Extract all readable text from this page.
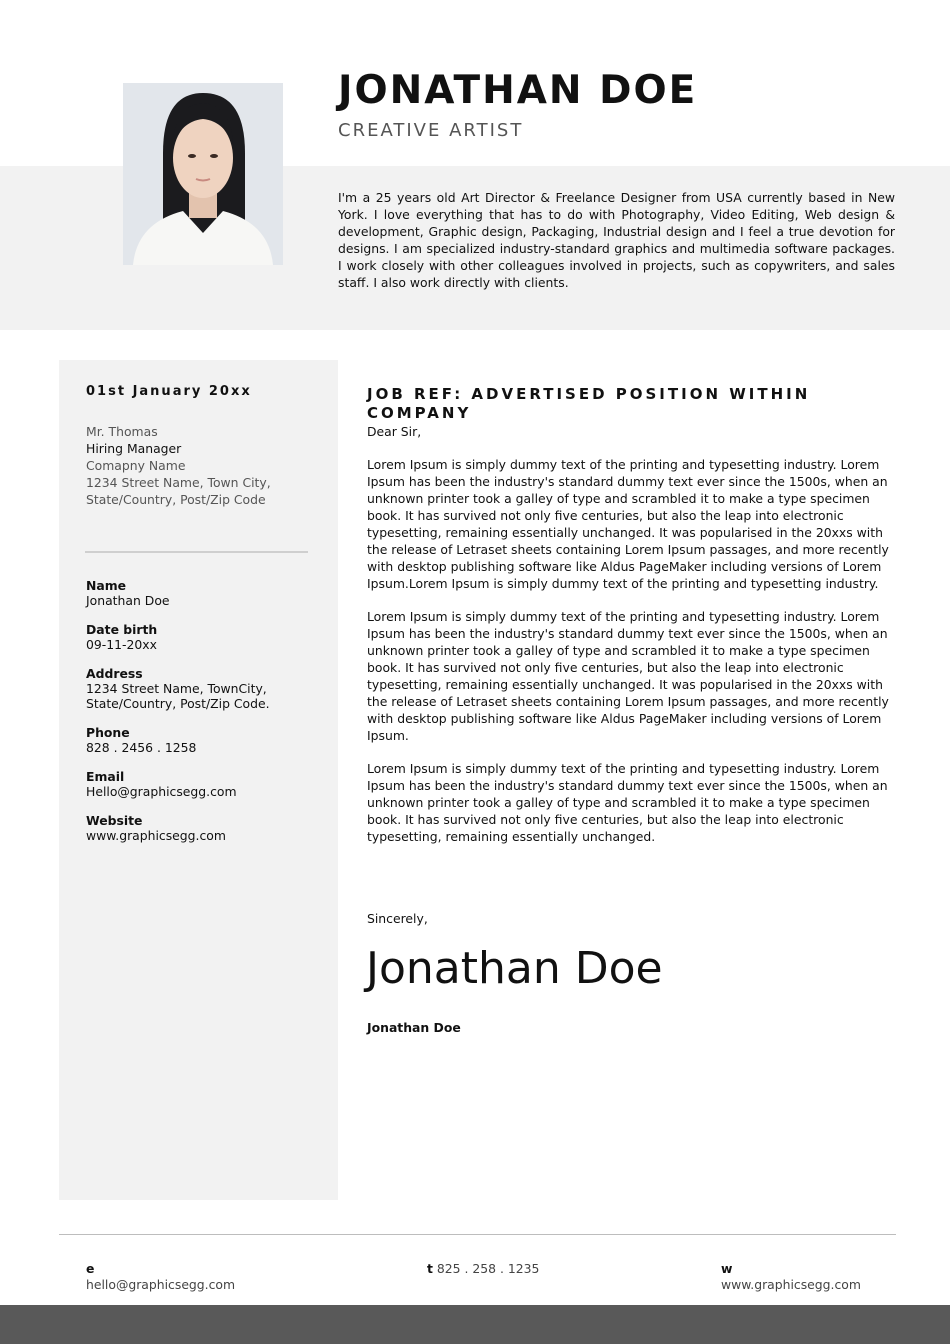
JONATHAN DOE
CREATIVE ARTIST

I'm a 25 years old Art Director & Freelance Designer from USA currently based in New York. I love everything that has to do with Photography, Video Editing, Web design & development, Graphic design, Packaging, Industrial design and I feel a true devotion for designs. I am specialized industry-standard graphics and multimedia software packages. I work closely with other colleagues involved in projects, such as copywriters, and sales staff. I also work directly with clients.

01st January 20xx
Mr. Thomas
Hiring Manager
Comapny Name
1234 Street Name, Town City,
State/Country, Post/Zip Code
Name
Jonathan Doe
Date birth
09-11-20xx
Address
1234 Street Name, TownCity,
State/Country, Post/Zip Code.
Phone
828 . 2456 . 1258
Email
Hello@graphicsegg.com
Website
www.graphicsegg.com
JOB REF: ADVERTISED POSITION WITHIN COMPANY

Dear Sir,

Lorem Ipsum is simply dummy text of the printing and typesetting industry. Lorem Ipsum has been the industry's standard dummy text ever since the 1500s, when an unknown printer took a galley of type and scrambled it to make a type specimen book. It has survived not only five centuries, but also the leap into electronic typesetting, remaining essentially unchanged. It was popularised in the 20xxs with the release of Letraset sheets containing Lorem Ipsum passages, and more recently with desktop publishing software like Aldus PageMaker including versions of Lorem Ipsum.Lorem Ipsum is simply dummy text of the printing and typesetting industry.

Lorem Ipsum is simply dummy text of the printing and typesetting industry. Lorem Ipsum has been the industry's standard dummy text ever since the 1500s, when an unknown printer took a galley of type and scrambled it to make a type specimen book. It has survived not only five centuries, but also the leap into electronic typesetting, remaining essentially unchanged. It was popularised in the 20xxs with the release of Letraset sheets containing Lorem Ipsum passages, and more recently with desktop publishing software like Aldus PageMaker including versions of Lorem Ipsum.

Lorem Ipsum is simply dummy text of the printing and typesetting industry. Lorem Ipsum has been the industry's standard dummy text ever since the 1500s, when an unknown printer took a galley of type and scrambled it to make a type specimen book. It has survived not only five centuries, but also the leap into electronic typesetting, remaining essentially unchanged.

Sincerely,
Jonathan Doe
Jonathan Doe
e
hello@graphicsegg.com
t 825 . 258 . 1235	w
www.graphicsegg.com
